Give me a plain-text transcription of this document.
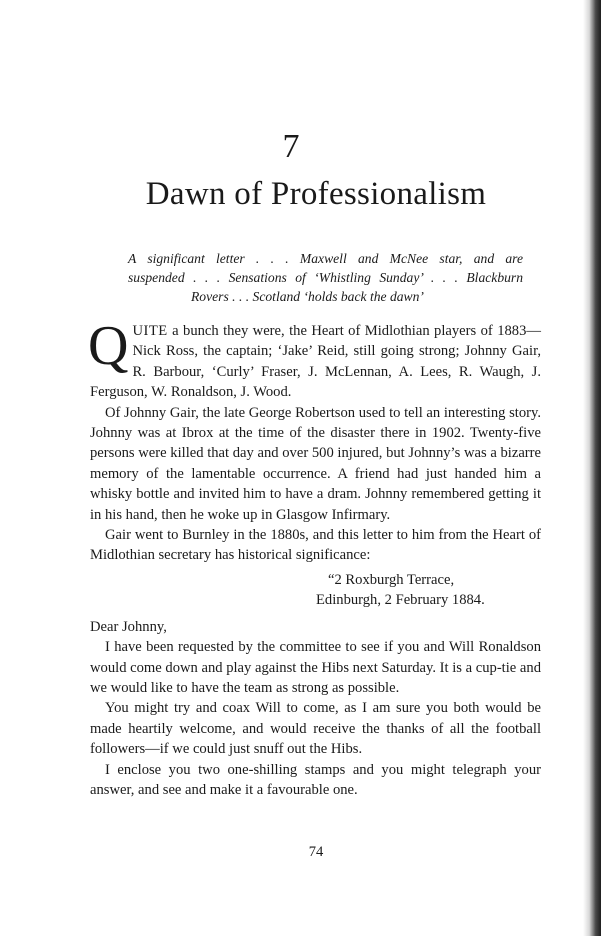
7
Dawn of Professionalism
A significant letter . . . Maxwell and McNee star, and are
suspended . . . Sensations of ‘Whistling Sunday’ . . . Blackburn
Rovers . . . Scotland ‘holds back the dawn’

QUITE a bunch they were, the Heart of Midlothian players of 1883—Nick Ross, the captain; ‘Jake’ Reid, still going strong; Johnny Gair, R. Barbour, ‘Curly’ Fraser, J. McLennan, A. Lees, R. Waugh, J. Ferguson, W. Ronaldson, J. Wood.

Of Johnny Gair, the late George Robertson used to tell an interesting story. Johnny was at Ibrox at the time of the disaster there in 1902. Twenty-five persons were killed that day and over 500 injured, but Johnny’s was a bizarre memory of the lamentable occurrence. A friend had just handed him a whisky bottle and invited him to have a dram. Johnny remembered getting it in his hand, then he woke up in Glasgow Infirmary.

Gair went to Burnley in the 1880s, and this letter to him from the Heart of Midlothian secretary has historical significance:

“2 Roxburgh Terrace,
Edinburgh, 2 February 1884.

Dear Johnny,

I have been requested by the committee to see if you and Will Ronaldson would come down and play against the Hibs next Saturday. It is a cup-tie and we would like to have the team as strong as possible.

You might try and coax Will to come, as I am sure you both would be made heartily welcome, and would receive the thanks of all the football followers—if we could just snuff out the Hibs.

I enclose you two one-shilling stamps and you might telegraph your answer, and see and make it a favourable one.

74
